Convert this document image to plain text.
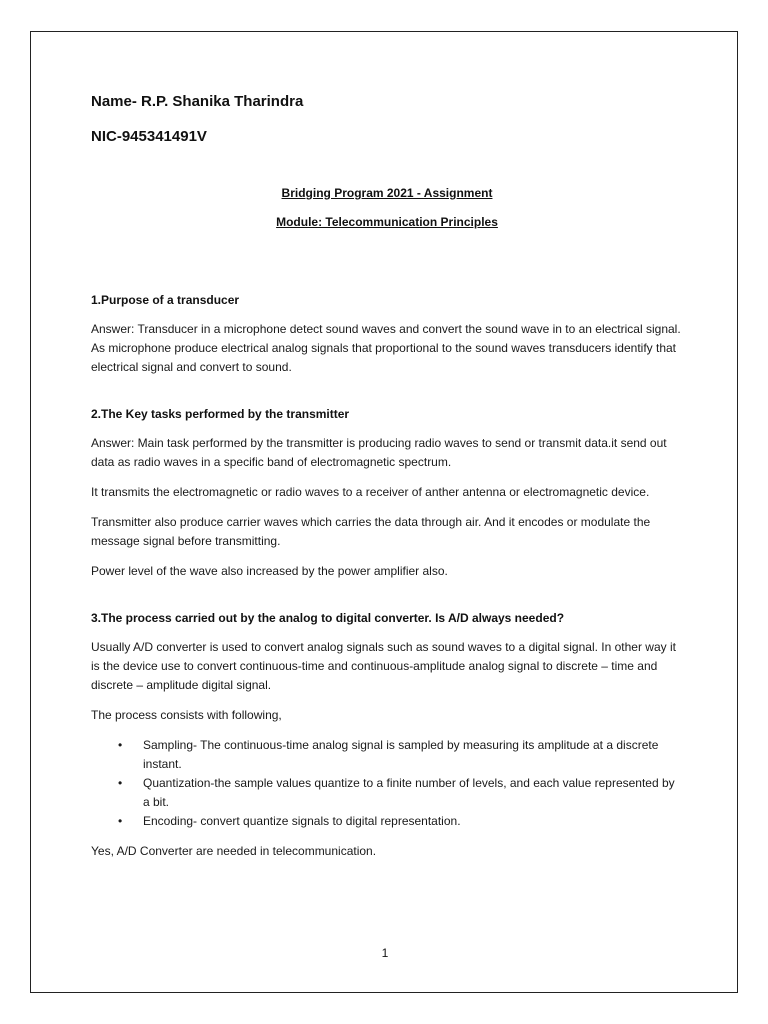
Name- R.P. Shanika Tharindra

NIC-945341491V

Bridging Program 2021 - Assignment

Module: Telecommunication Principles

1.Purpose of a transducer

Answer: Transducer in a microphone detect sound waves and convert the sound wave in to an electrical signal. As microphone produce electrical analog signals that proportional to the sound waves transducers identify that electrical signal and convert to sound.

2.The Key tasks performed by the transmitter

Answer: Main task performed by the transmitter is producing radio waves to send or transmit data.it send out data as radio waves in a specific band of electromagnetic spectrum.

It transmits the electromagnetic or radio waves to a receiver of anther antenna or electromagnetic device.

Transmitter also produce carrier waves which carries the data through air. And it encodes or modulate the message signal before transmitting.

Power level of the wave also increased by the power amplifier also.

3.The process carried out by the analog to digital converter. Is A/D always needed?

Usually A/D converter is used to convert analog signals such as sound waves to a digital signal. In other way it is the device use to convert continuous-time and continuous-amplitude analog signal to discrete – time and discrete – amplitude digital signal.

The process consists with following,

• Sampling- The continuous-time analog signal is sampled by measuring its amplitude at a discrete instant.
• Quantization-the sample values quantize to a finite number of levels, and each value represented by a bit.
• Encoding- convert quantize signals to digital representation.

Yes, A/D Converter are needed in telecommunication.

1
